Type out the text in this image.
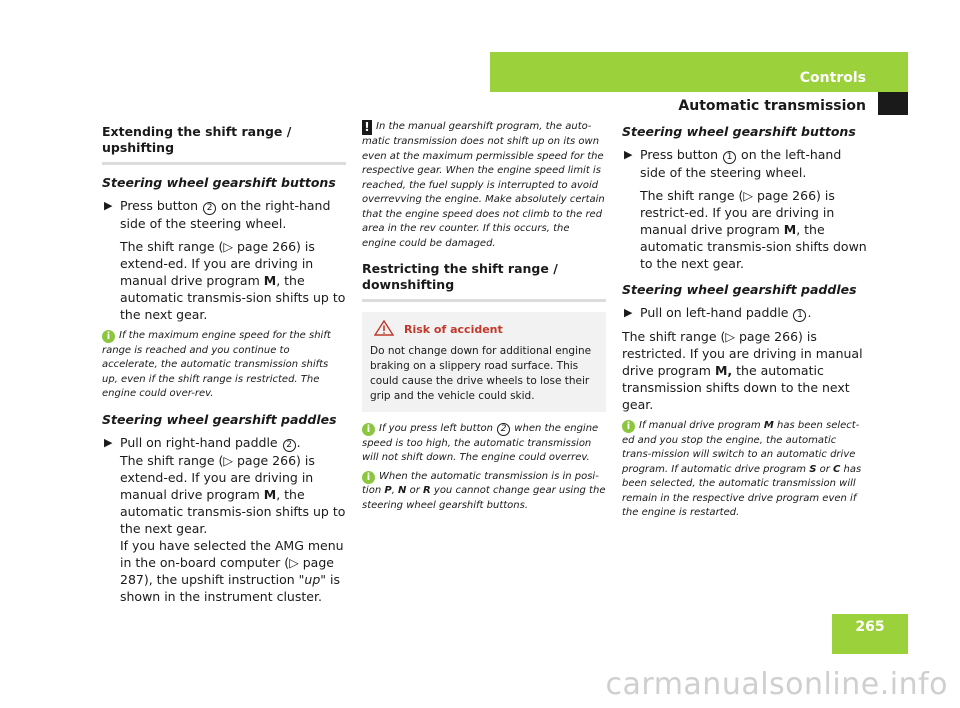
Controls
Automatic transmission
265

Extending the shift range / upshifting

Steering wheel gearshift buttons

▶ Press button 2 on the right-hand side of the steering wheel.
The shift range (▷ page 266) is extend-ed. If you are driving in manual drive program M, the automatic transmis-sion shifts up to the next gear.
i If the maximum engine speed for the shift range is reached and you continue to accelerate, the automatic transmission shifts up, even if the shift range is restricted. The engine could over-rev.

Steering wheel gearshift paddles

▶ Pull on right-hand paddle 2 .
The shift range (▷ page 266) is extend-ed. If you are driving in manual drive program M, the automatic transmis-sion shifts up to the next gear.
If you have selected the AMG menu in the on-board computer (▷ page 287), the upshift instruction "up" is shown in the instrument cluster.
! In the manual gearshift program, the auto-matic transmission does not shift up on its own even at the maximum permissible speed for the respective gear. When the engine speed limit is reached, the fuel supply is interrupted to avoid overrevving the engine. Make absolutely certain that the engine speed does not climb to the red area in the rev counter. If this occurs, the engine could be damaged.

Restricting the shift range / downshifting

Risk of accident
Do not change down for additional engine braking on a slippery road surface. This could cause the drive wheels to lose their grip and the vehicle could skid.
i If you press left button 2 when the engine speed is too high, the automatic transmission will not shift down. The engine could overrev.
i When the automatic transmission is in posi-tion P, N or R you cannot change gear using the steering wheel gearshift buttons.

Steering wheel gearshift buttons

▶ Press button 1 on the left-hand side of the steering wheel.
The shift range (▷ page 266) is restrict-ed. If you are driving in manual drive program M, the automatic transmis-sion shifts down to the next gear.

Steering wheel gearshift paddles

▶ Pull on left-hand paddle 1 .
The shift range (▷ page 266) is restricted. If you are driving in manual drive program M, the automatic transmission shifts down to the next gear.
i If manual drive program M has been select-ed and you stop the engine, the automatic trans-mission will switch to an automatic drive program. If automatic drive program S or C has been selected, the automatic transmission will remain in the respective drive program even if the engine is restarted.
carmanualsonline.info
